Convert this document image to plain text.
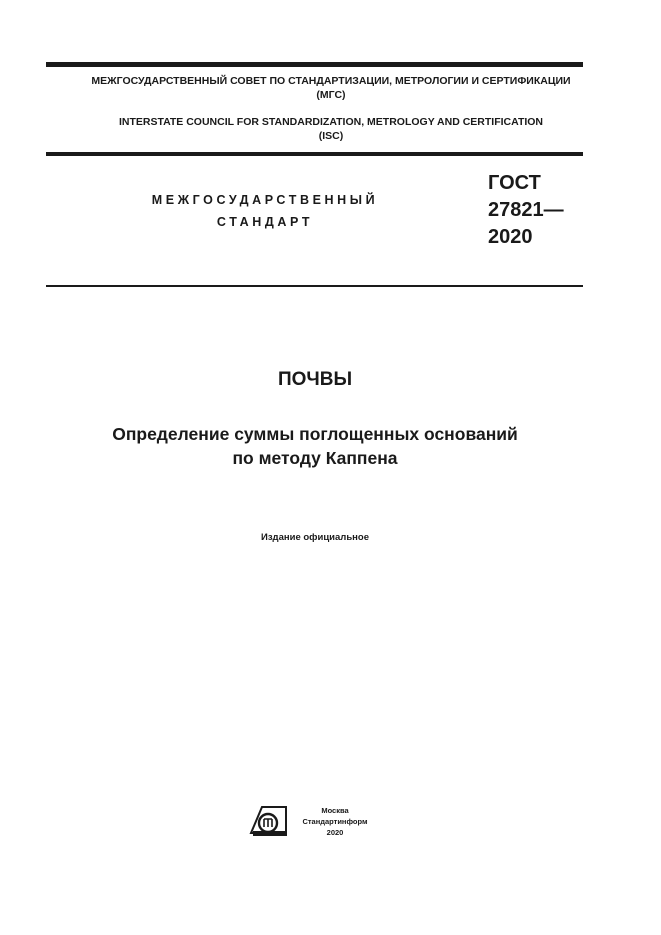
МЕЖГОСУДАРСТВЕННЫЙ СОВЕТ ПО СТАНДАРТИЗАЦИИ, МЕТРОЛОГИИ И СЕРТИФИКАЦИИ
(МГС)
INTERSTATE COUNCIL FOR STANDARDIZATION, METROLOGY AND CERTIFICATION
(ISC)
МЕЖГОСУДАРСТВЕННЫЙ
СТАНДАРТ
ГОСТ
27821—
2020
ПОЧВЫ
Определение суммы поглощенных оснований
по методу Каппена
Издание официальное
Москва
Стандартинформ
2020
